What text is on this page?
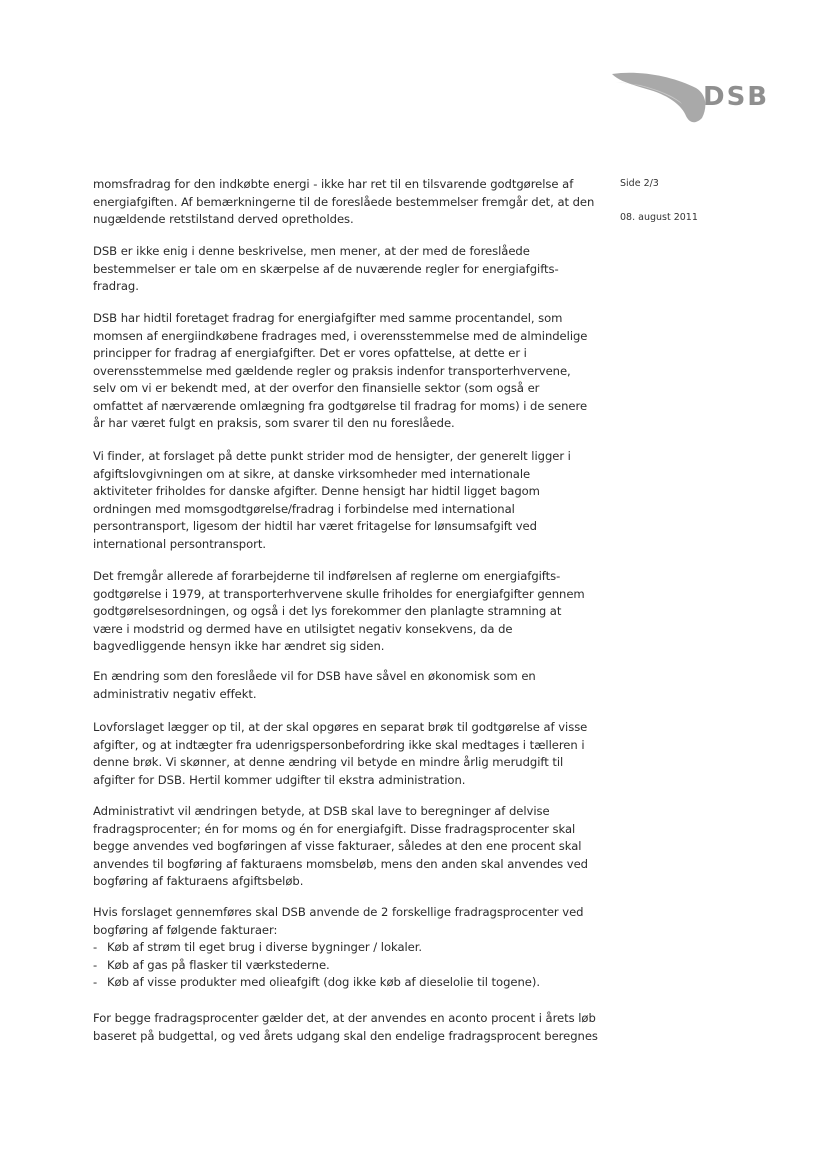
DSB
Side 2/3
08. august 2011
momsfradrag for den indkøbte energi - ikke har ret til en tilsvarende godtgørelse af
energiafgiften. Af bemærkningerne til de foreslåede bestemmelser fremgår det, at den
nugældende retstilstand derved opretholdes.
DSB er ikke enig i denne beskrivelse, men mener, at der med de foreslåede
bestemmelser er tale om en skærpelse af de nuværende regler for energiafgifts-
fradrag.
DSB har hidtil foretaget fradrag for energiafgifter med samme procentandel, som
momsen af energiindkøbene fradrages med, i overensstemmelse med de almindelige
principper for fradrag af energiafgifter. Det er vores opfattelse, at dette er i
overensstemmelse med gældende regler og praksis indenfor transporterhvervene,
selv om vi er bekendt med, at der overfor den finansielle sektor (som også er
omfattet af nærværende omlægning fra godtgørelse til fradrag for moms) i de senere
år har været fulgt en praksis, som svarer til den nu foreslåede.
Vi finder, at forslaget på dette punkt strider mod de hensigter, der generelt ligger i
afgiftslovgivningen om at sikre, at danske virksomheder med internationale
aktiviteter friholdes for danske afgifter. Denne hensigt har hidtil ligget bagom
ordningen med momsgodtgørelse/fradrag i forbindelse med international
persontransport, ligesom der hidtil har været fritagelse for lønsumsafgift ved
international persontransport.
Det fremgår allerede af forarbejderne til indførelsen af reglerne om energiafgifts-
godtgørelse i 1979, at transporterhvervene skulle friholdes for energiafgifter gennem
godtgørelsesordningen, og også i det lys forekommer den planlagte stramning at
være i modstrid og dermed have en utilsigtet negativ konsekvens, da de
bagvedliggende hensyn ikke har ændret sig siden.
En ændring som den foreslåede vil for DSB have såvel en økonomisk som en
administrativ negativ effekt.
Lovforslaget lægger op til, at der skal opgøres en separat brøk til godtgørelse af visse
afgifter, og at indtægter fra udenrigspersonbefordring ikke skal medtages i tælleren i
denne brøk. Vi skønner, at denne ændring vil betyde en mindre årlig merudgift til
afgifter for DSB. Hertil kommer udgifter til ekstra administration.
Administrativt vil ændringen betyde, at DSB skal lave to beregninger af delvise
fradragsprocenter; én for moms og én for energiafgift. Disse fradragsprocenter skal
begge anvendes ved bogføringen af visse fakturaer, således at den ene procent skal
anvendes til bogføring af fakturaens momsbeløb, mens den anden skal anvendes ved
bogføring af fakturaens afgiftsbeløb.
Hvis forslaget gennemføres skal DSB anvende de 2 forskellige fradragsprocenter ved
bogføring af følgende fakturaer:
- Køb af strøm til eget brug i diverse bygninger / lokaler.
- Køb af gas på flasker til værkstederne.
- Køb af visse produkter med olieafgift (dog ikke køb af dieselolie til togene).
For begge fradragsprocenter gælder det, at der anvendes en aconto procent i årets løb
baseret på budgettal, og ved årets udgang skal den endelige fradragsprocent beregnes
